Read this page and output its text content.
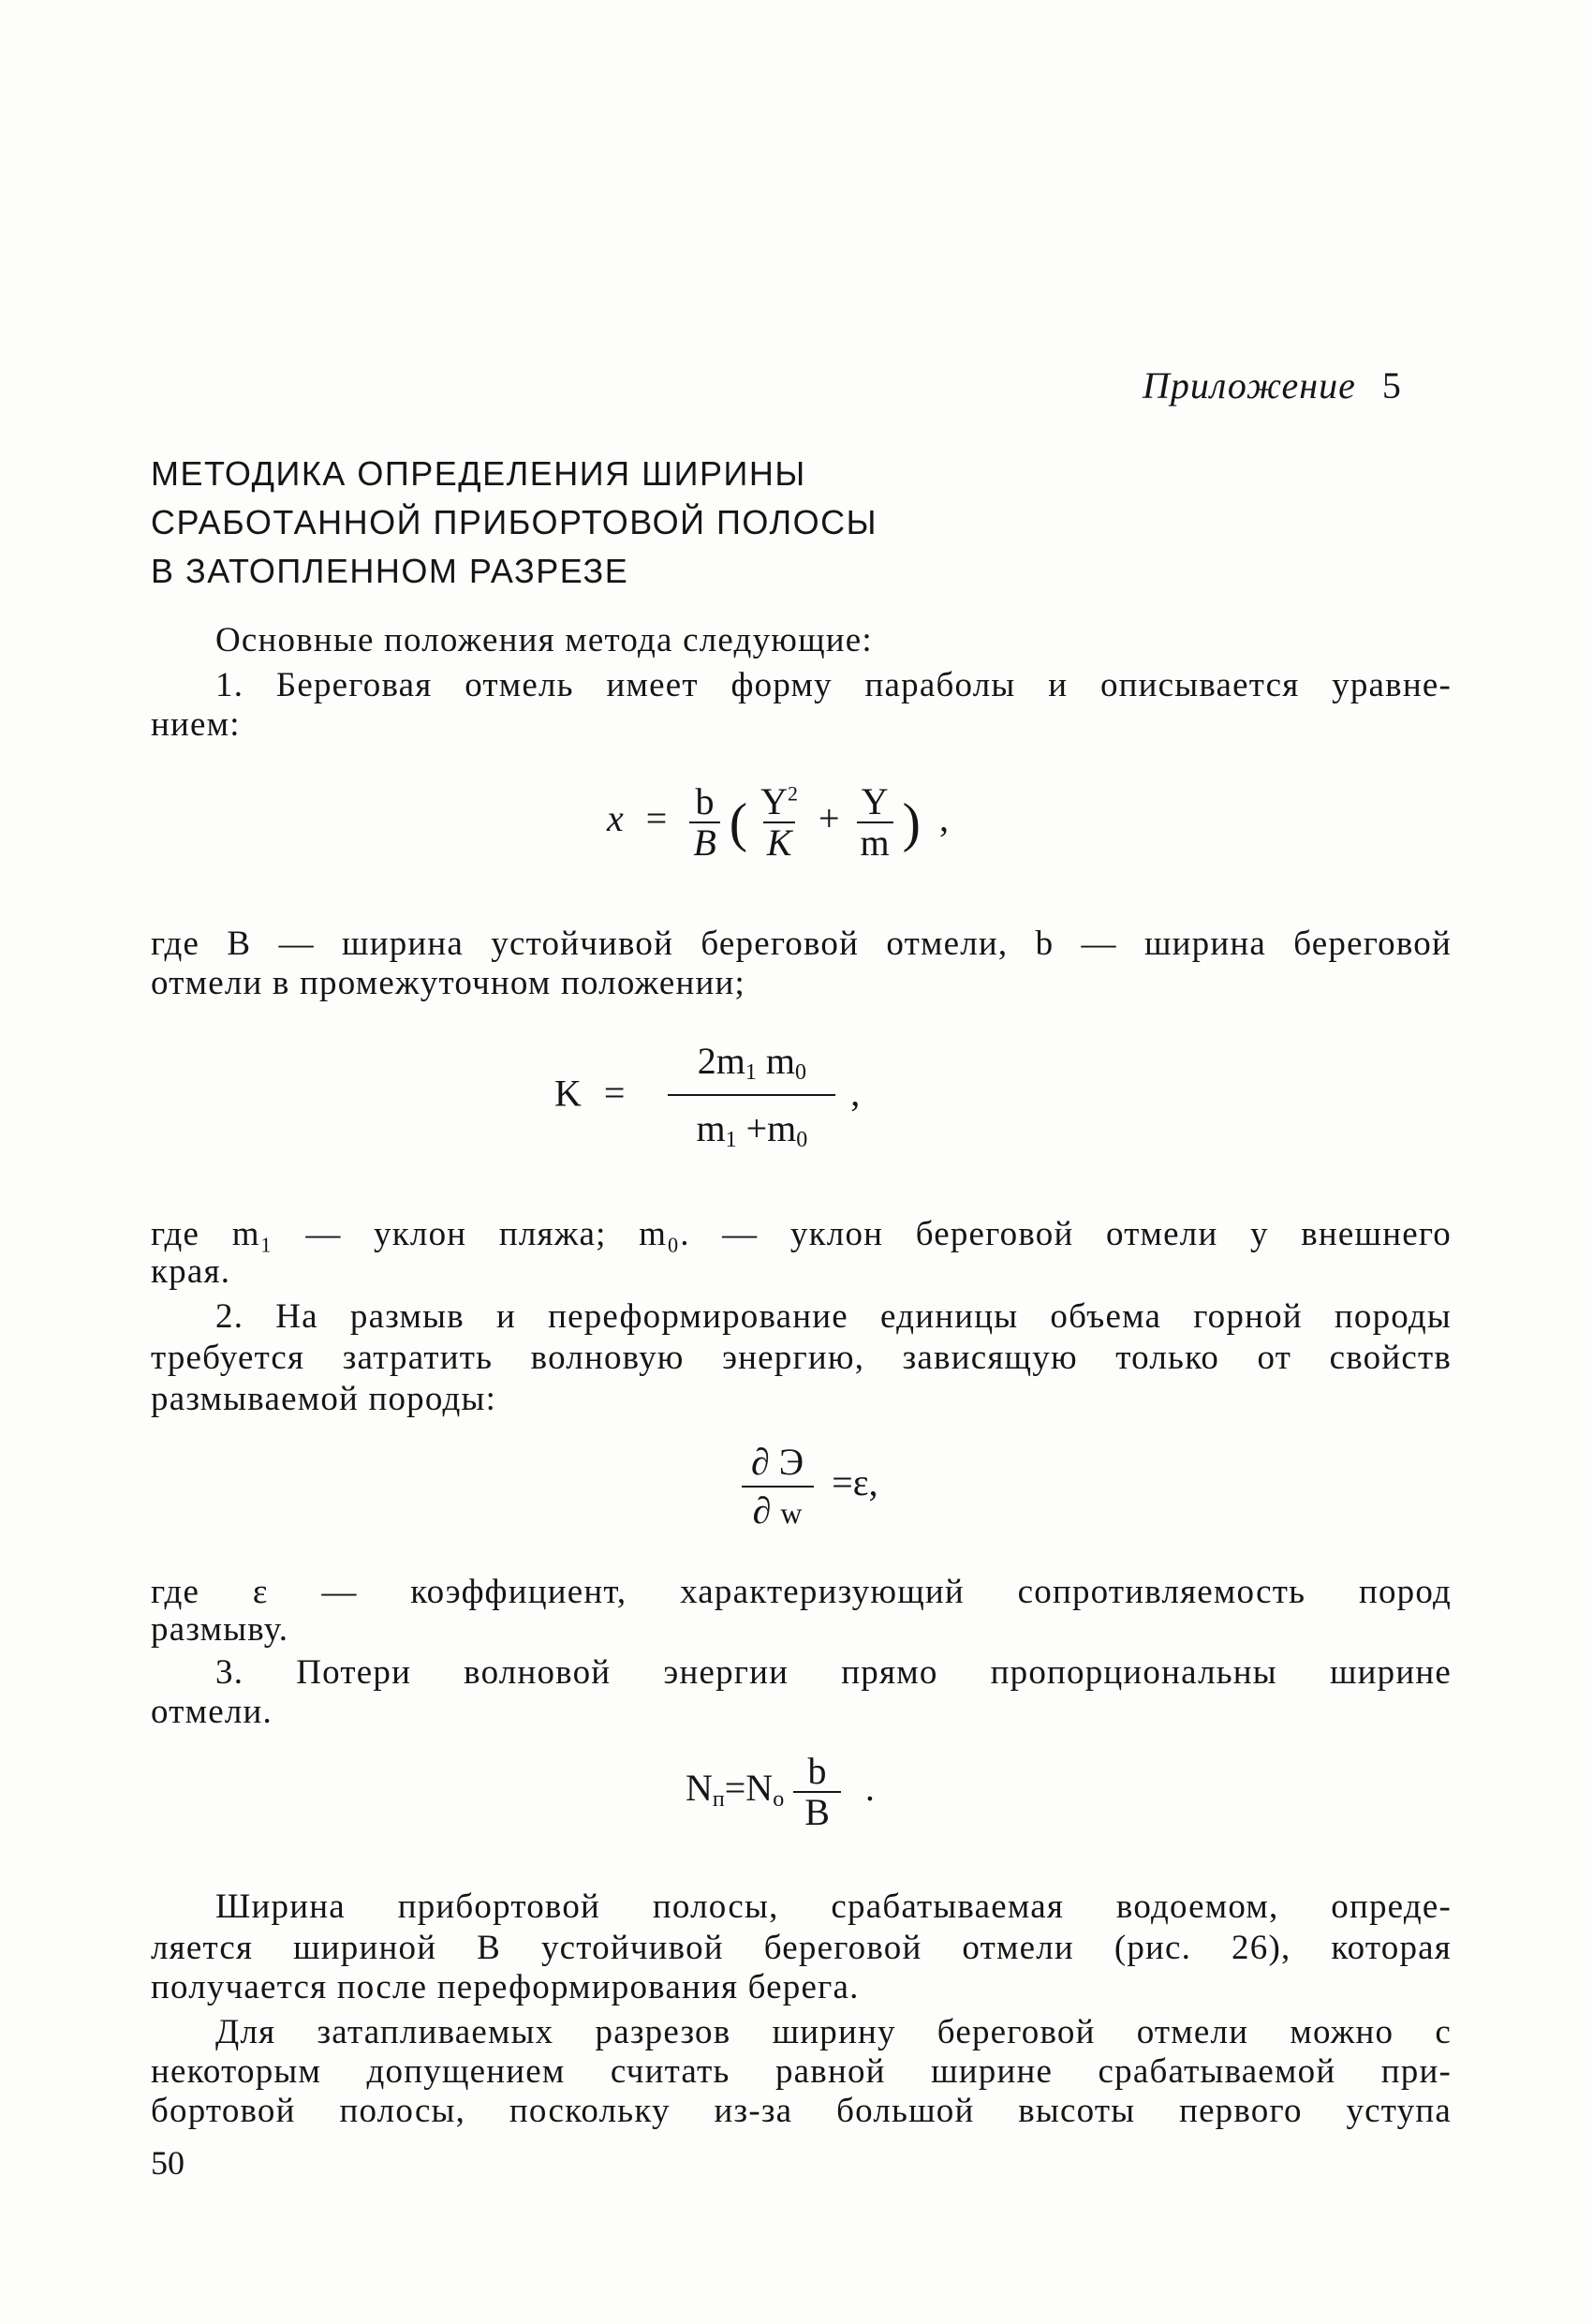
Приложение 5
МЕТОДИКА ОПРЕДЕЛЕНИЯ ШИРИНЫ
СРАБОТАННОЙ ПРИБОРТОВОЙ ПОЛОСЫ
В ЗАТОПЛЕННОМ РАЗРЕЗЕ
Основные положения метода следующие:
1. Береговая отмель имеет форму параболы и описывается уравне-
нием:
$x = \frac{b}{B}$ ( $\frac{Y^2}{K} + \frac{Y}{m}$ ) ,
где B — ширина устойчивой береговой отмели, b — ширина береговой
отмели в промежуточном положении;
$K = \frac{2m_1 m_0}{m_1 +m_0}$ ,
где m₁ — уклон пляжа; m₀. — уклон береговой отмели у внешнего
края.
2. На размыв и переформирование единицы объема горной породы
требуется затратить волновую энергию, зависящую только от свойств
размываемой породы:
$\frac{\partial Э}{\partial w} =\varepsilon$,
где ε — коэффициент, характеризующий сопротивляемость пород
размыву.
3. Потери волновой энергии прямо пропорциональны ширине
отмели.
$N_п=N_о \frac{b}{B}$ .
Ширина прибортовой полосы, срабатываемая водоемом, опреде-
ляется шириной B устойчивой береговой отмели (рис. 26), которая
получается после переформирования берега.
Для затапливаемых разрезов ширину береговой отмели можно с
некоторым допущением считать равной ширине срабатываемой при-
бортовой полосы, поскольку из-за большой высоты первого уступа
50
